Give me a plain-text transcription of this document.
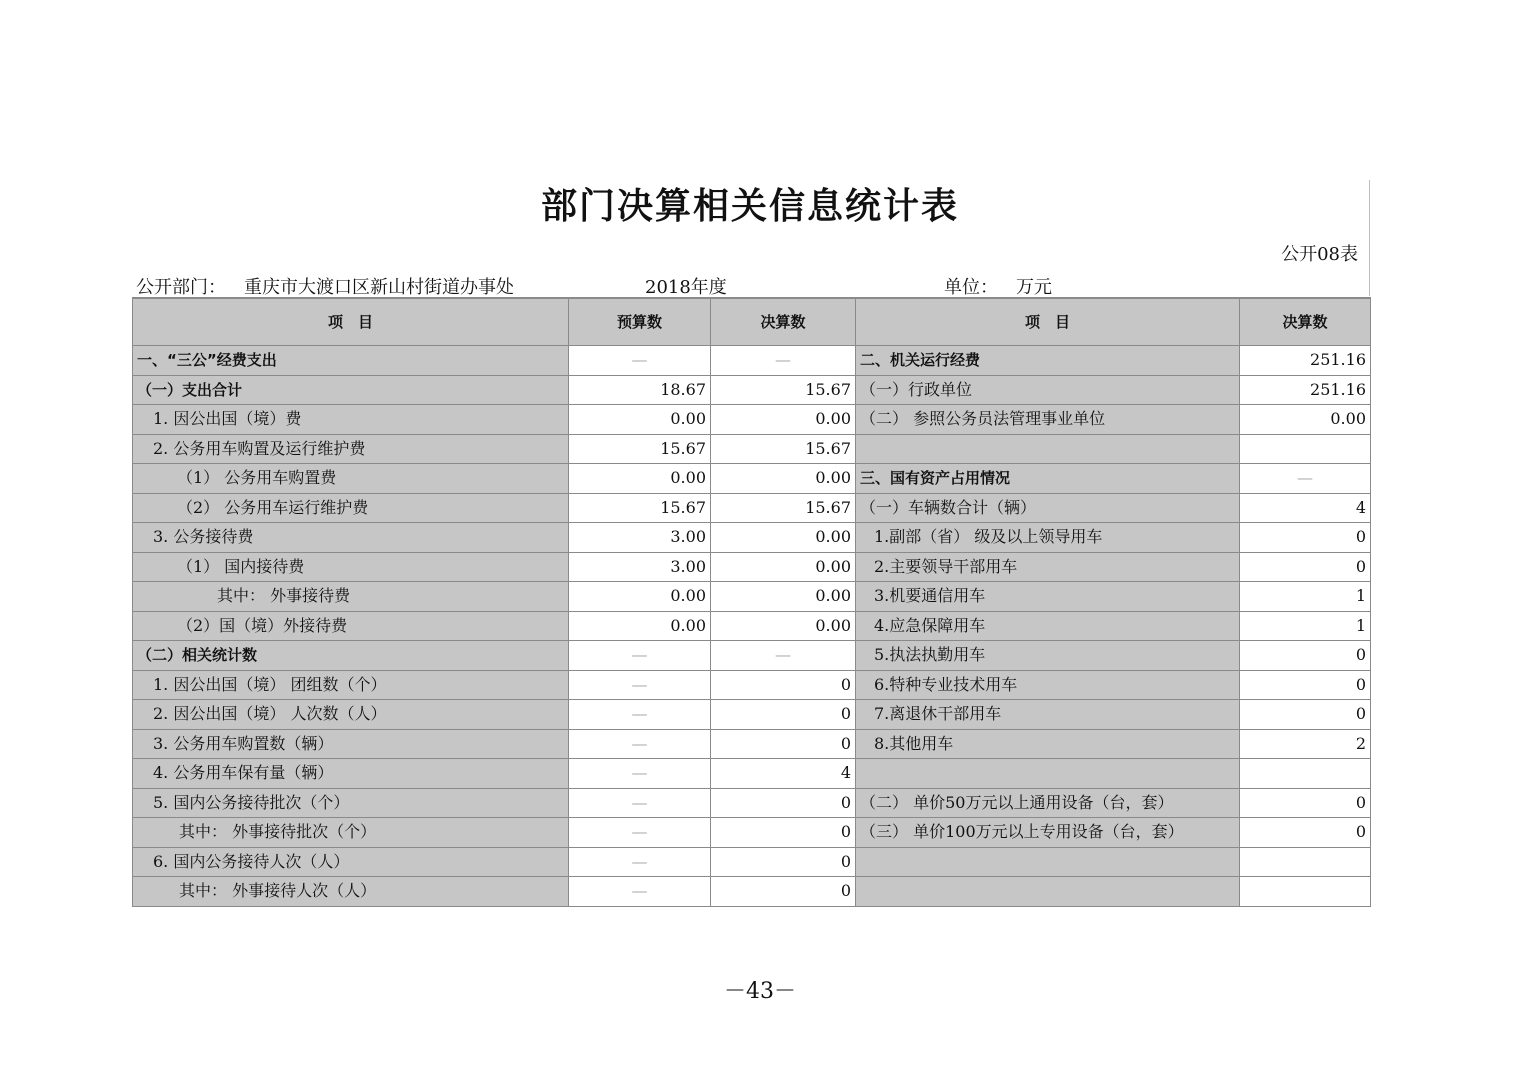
部门决算相关信息统计表
公开08表
公开部门： 重庆市大渡口区新山村街道办事处	2018年度	单位： 万元
项　目	预算数	决算数	项　目	决算数
一、“三公”经费支出	—	—	二、机关运行经费	251.16
（一）支出合计	18.67	15.67	（一）行政单位	251.16
1. 因公出国（境）费	0.00	0.00	（二） 参照公务员法管理事业单位	0.00
2. 公务用车购置及运行维护费	15.67	15.67		
（1） 公务用车购置费	0.00	0.00	三、国有资产占用情况	—
（2） 公务用车运行维护费	15.67	15.67	（一）车辆数合计（辆）	4
3. 公务接待费	3.00	0.00	1.副部（省） 级及以上领导用车	0
（1） 国内接待费	3.00	0.00	2.主要领导干部用车	0
其中： 外事接待费	0.00	0.00	3.机要通信用车	1
（2）国（境）外接待费	0.00	0.00	4.应急保障用车	1
（二）相关统计数	—	—	5.执法执勤用车	0
1. 因公出国（境） 团组数（个）	—	0	6.特种专业技术用车	0
2. 因公出国（境） 人次数（人）	—	0	7.离退休干部用车	0
3. 公务用车购置数（辆）	—	0	8.其他用车	2
4. 公务用车保有量（辆）	—	4		
5. 国内公务接待批次（个）	—	0	（二） 单价50万元以上通用设备（台，套）	0
其中： 外事接待批次（个）	—	0	（三） 单价100万元以上专用设备（台，套）	0
6. 国内公务接待人次（人）	—	0		
其中： 外事接待人次（人）	—	0		
－43－
